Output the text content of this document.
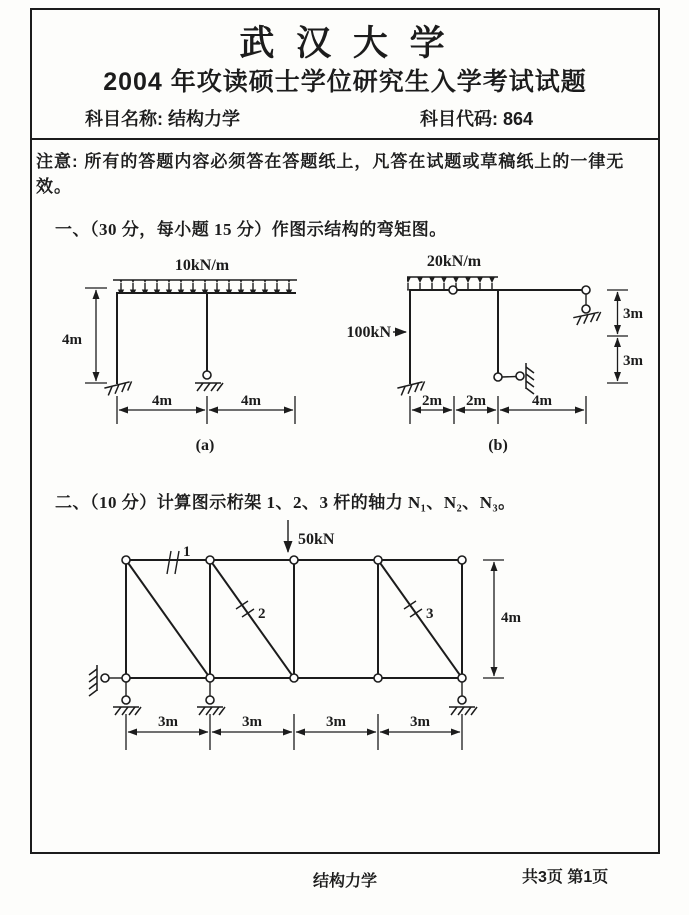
武 汉 大 学
2004 年攻读硕士学位研究生入学考试试题
科目名称: 结构力学	科目代码: 864
注意: 所有的答题内容必须答在答题纸上，凡答在试题或草稿纸上的一律无效。
一、（30 分，每小题 15 分）作图示结构的弯矩图。
10kN/m
4m
4m	4m
(a)
20kN/m
100kN
3m
3m
2m 2m	4m
(b)
二、（10 分）计算图示桁架 1、2、3 杆的轴力 N₁、N₂、N₃。
50kN
1
2	3	4m
3m	3m	3m	3m
结构力学	共3页 第1页
